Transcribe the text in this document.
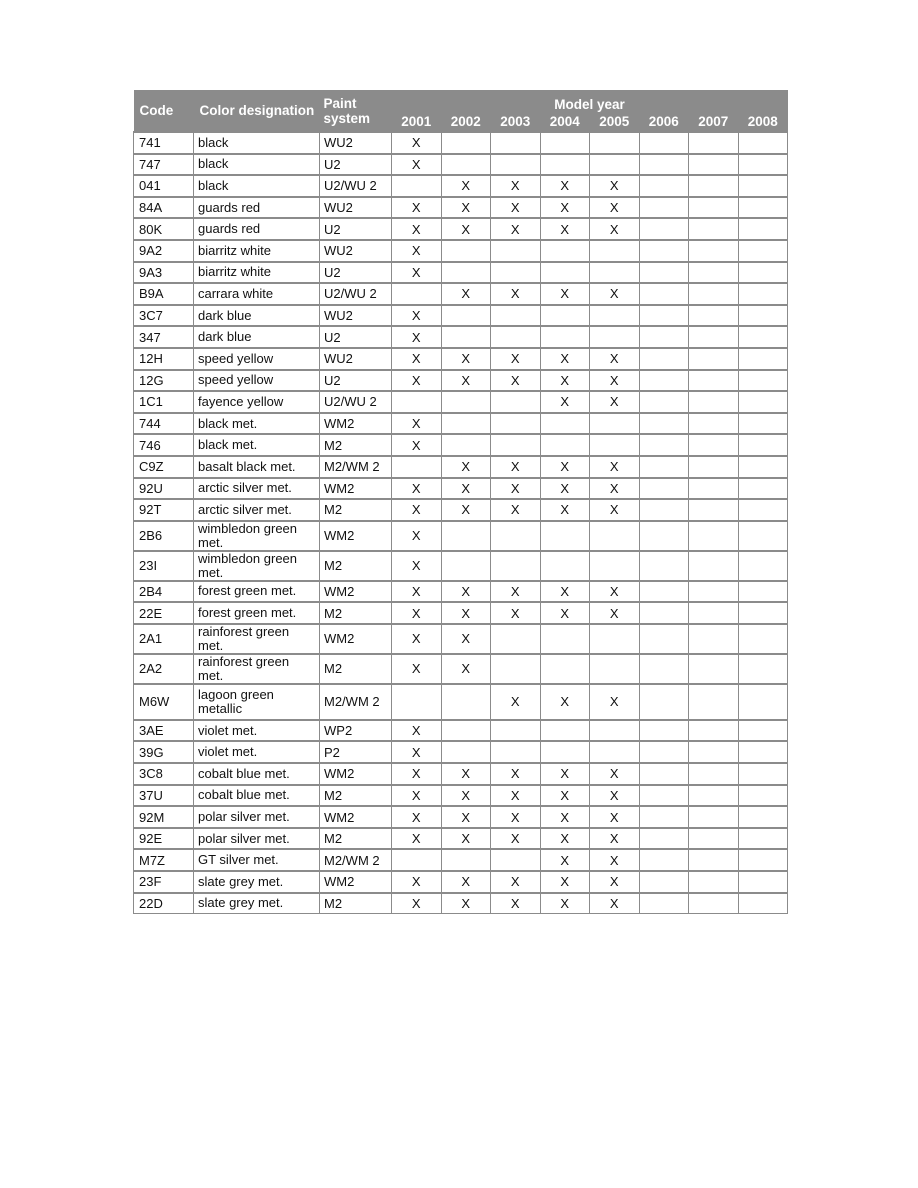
Code	Color designation	Paint system	Model year							
			2001	2002	2003	2004	2005	2006	2007	2008
741	black	WU2	X							
747	black	U2	X							
041	black	U2/WU 2		X	X	X	X			
84A	guards red	WU2	X	X	X	X	X			
80K	guards red	U2	X	X	X	X	X			
9A2	biarritz white	WU2	X							
9A3	biarritz white	U2	X							
B9A	carrara white	U2/WU 2		X	X	X	X			
3C7	dark blue	WU2	X							
347	dark blue	U2	X							
12H	speed yellow	WU2	X	X	X	X	X			
12G	speed yellow	U2	X	X	X	X	X			
1C1	fayence yellow	U2/WU 2				X	X			
744	black met.	WM2	X							
746	black met.	M2	X							
C9Z	basalt black met.	M2/WM 2		X	X	X	X			
92U	arctic silver met.	WM2	X	X	X	X	X			
92T	arctic silver met.	M2	X	X	X	X	X			
2B6	wimbledon green met.	WM2	X							
23I	wimbledon green met.	M2	X							
2B4	forest green met.	WM2	X	X	X	X	X			
22E	forest green met.	M2	X	X	X	X	X			
2A1	rainforest green met.	WM2	X	X						
2A2	rainforest green met.	M2	X	X						
M6W	lagoon green metallic	M2/WM 2			X	X	X			
3AE	violet met.	WP2	X							
39G	violet met.	P2	X							
3C8	cobalt blue met.	WM2	X	X	X	X	X			
37U	cobalt blue met.	M2	X	X	X	X	X			
92M	polar silver met.	WM2	X	X	X	X	X			
92E	polar silver met.	M2	X	X	X	X	X			
M7Z	GT silver met.	M2/WM 2				X	X			
23F	slate grey met.	WM2	X	X	X	X	X			
22D	slate grey met.	M2	X	X	X	X	X			
